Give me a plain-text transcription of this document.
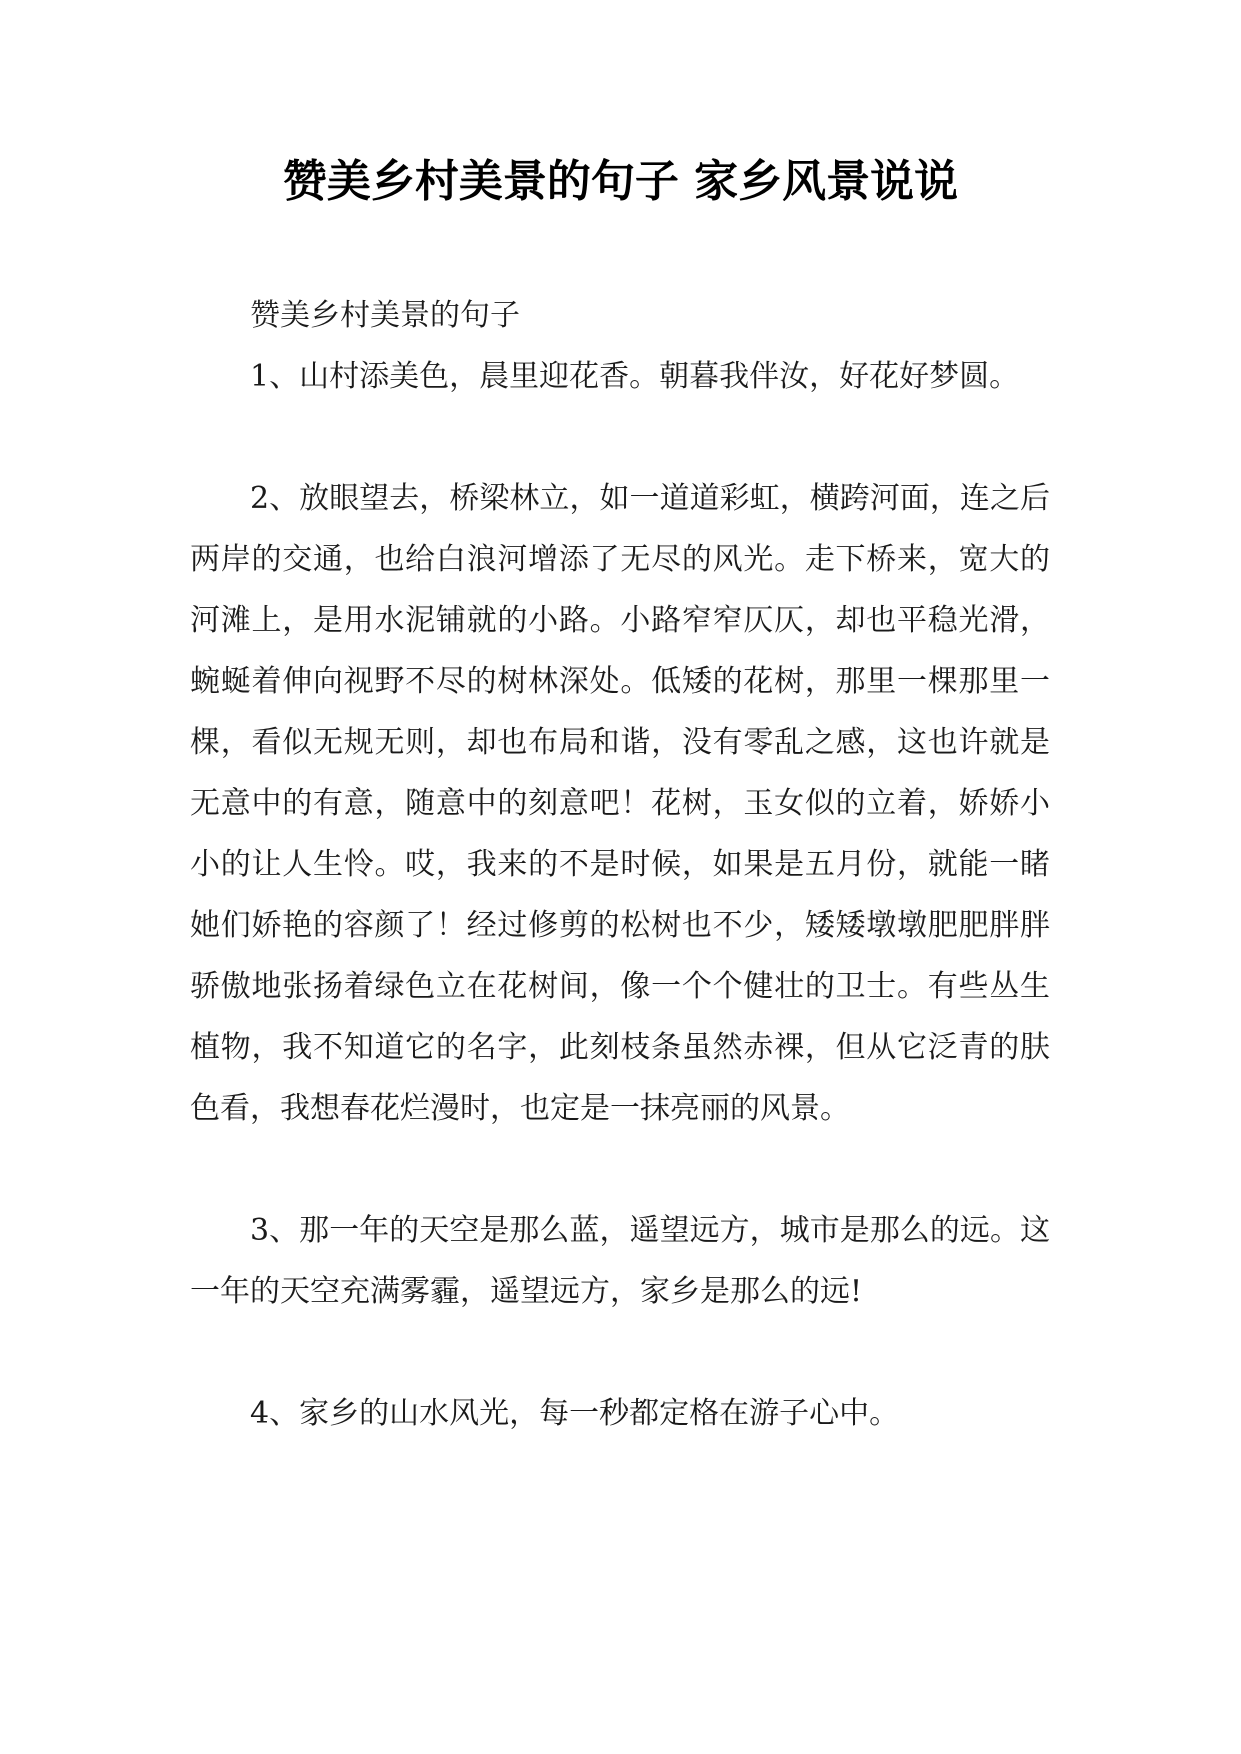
赞美乡村美景的句子 家乡风景说说

赞美乡村美景的句子

1、山村添美色，晨里迎花香。朝暮我伴汝，好花好梦圆。

2、放眼望去，桥梁林立，如一道道彩虹，横跨河面，连之后两岸的交通，也给白浪河增添了无尽的风光。走下桥来，宽大的河滩上，是用水泥铺就的小路。小路窄窄仄仄，却也平稳光滑，蜿蜒着伸向视野不尽的树林深处。低矮的花树，那里一棵那里一棵，看似无规无则，却也布局和谐，没有零乱之感，这也许就是无意中的有意，随意中的刻意吧！花树，玉女似的立着，娇娇小小的让人生怜。哎，我来的不是时候，如果是五月份，就能一睹她们娇艳的容颜了！经过修剪的松树也不少，矮矮墩墩肥肥胖胖骄傲地张扬着绿色立在花树间，像一个个健壮的卫士。有些丛生植物，我不知道它的名字，此刻枝条虽然赤裸，但从它泛青的肤色看，我想春花烂漫时，也定是一抹亮丽的风景。

3、那一年的天空是那么蓝，遥望远方，城市是那么的远。这一年的天空充满雾霾，遥望远方，家乡是那么的远!

4、家乡的山水风光，每一秒都定格在游子心中。
